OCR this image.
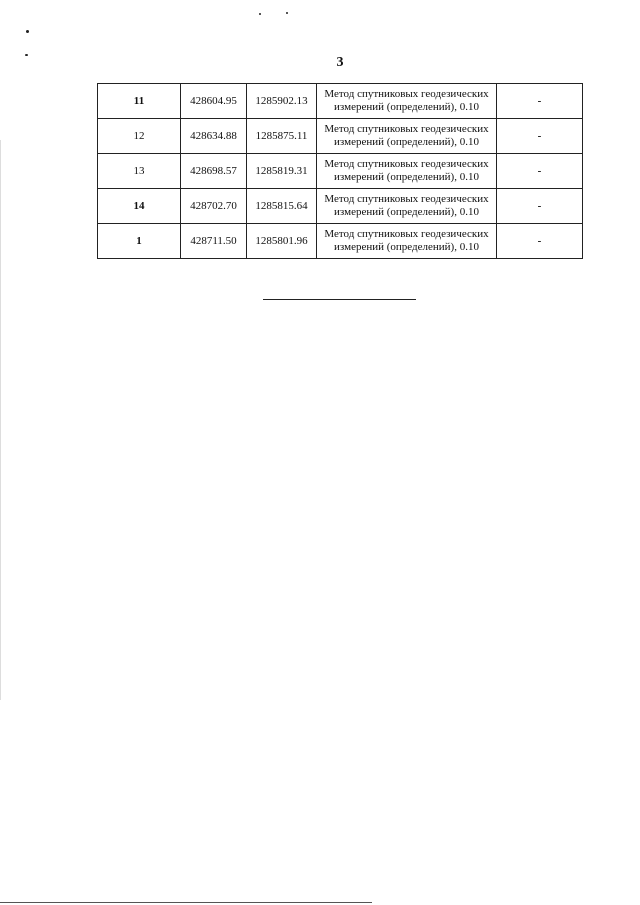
3
11	428604.95	1285902.13	Метод спутниковых геодезических измерений (определений), 0.10	-
12	428634.88	1285875.11	Метод спутниковых геодезических измерений (определений), 0.10	-
13	428698.57	1285819.31	Метод спутниковых геодезических измерений (определений), 0.10	-
14	428702.70	1285815.64	Метод спутниковых геодезических измерений (определений), 0.10	-
1	428711.50	1285801.96	Метод спутниковых геодезических измерений (определений), 0.10	-
